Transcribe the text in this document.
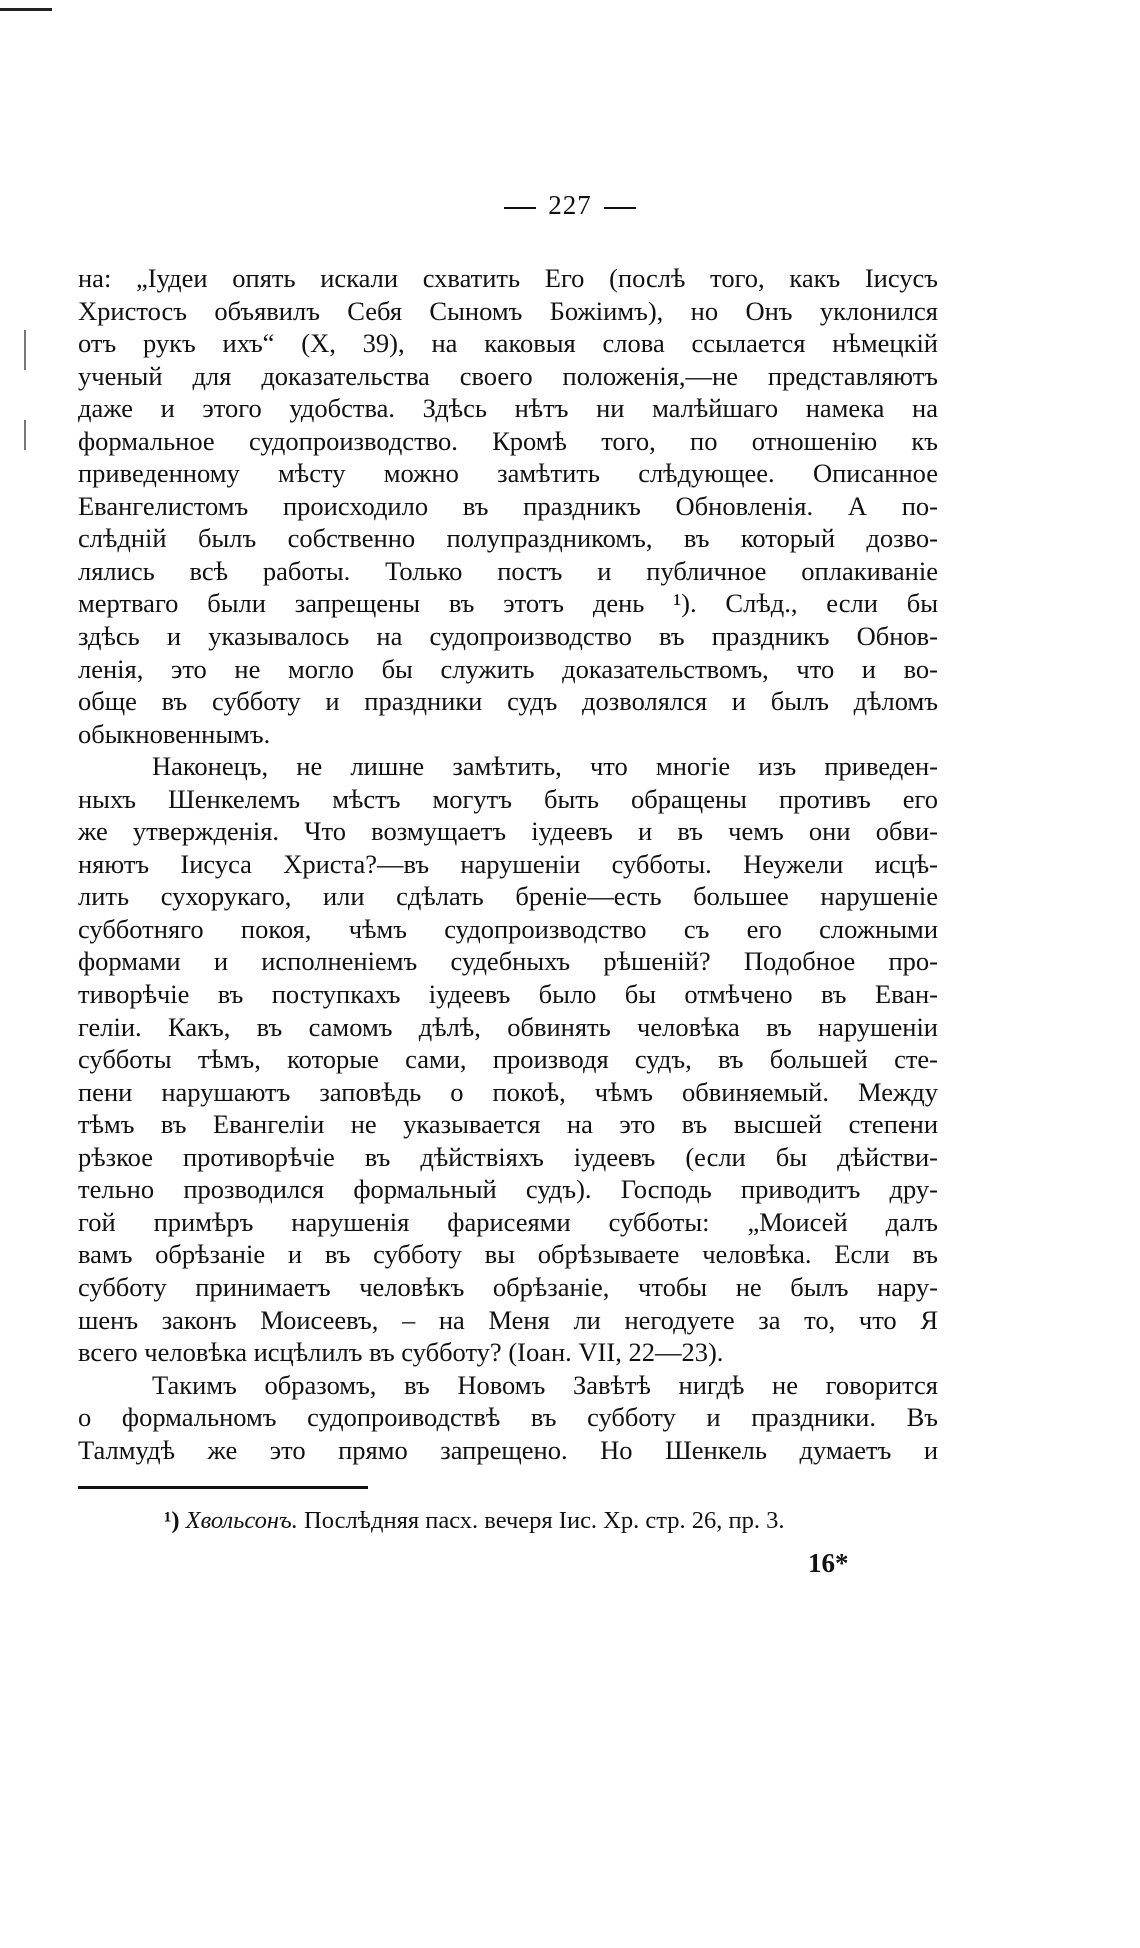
227
на: „Іудеи опять искали схватить Его (послѣ того, какъ Іисусъ
Христосъ объявилъ Себя Сыномъ Божіимъ), но Онъ уклонился
отъ рукъ ихъ“ (X, 39), на каковыя слова ссылается нѣмецкій
ученый для доказательства своего положенія,—не представляютъ
даже и этого удобства. Здѣсь нѣтъ ни малѣйшаго намека на
формальное судопроизводство. Кромѣ того, по отношенію къ
приведенному мѣсту можно замѣтить слѣдующее. Описанное
Евангелистомъ происходило въ праздникъ Обновленія. А по-
слѣдній былъ собственно полупраздникомъ, въ который дозво-
лялись всѣ работы. Только постъ и публичное оплакиваніе
мертваго были запрещены въ этотъ день ¹). Слѣд., если бы
здѣсь и указывалось на судопроизводство въ праздникъ Обнов-
ленія, это не могло бы служить доказательствомъ, что и во-
обще въ субботу и праздники судъ дозволялся и былъ дѣломъ
обыкновеннымъ.
Наконецъ, не лишне замѣтить, что многіе изъ приведен-
ныхъ Шенкелемъ мѣстъ могутъ быть обращены противъ его
же утвержденія. Что возмущаетъ іудеевъ и въ чемъ они обви-
няютъ Іисуса Христа?—въ нарушеніи субботы. Неужели исцѣ-
лить сухорукаго, или сдѣлать бреніе—есть большее нарушеніе
субботняго покоя, чѣмъ судопроизводство съ его сложными
формами и исполненіемъ судебныхъ рѣшеній? Подобное про-
тиворѣчіе въ поступкахъ іудеевъ было бы отмѣчено въ Еван-
геліи. Какъ, въ самомъ дѣлѣ, обвинять человѣка въ нарушеніи
субботы тѣмъ, которые сами, производя судъ, въ большей сте-
пени нарушаютъ заповѣдь о покоѣ, чѣмъ обвиняемый. Между
тѣмъ въ Евангеліи не указывается на это въ высшей степени
рѣзкое противорѣчіе въ дѣйствіяхъ іудеевъ (если бы дѣйстви-
тельно прозводился формальный судъ). Господь приводитъ дру-
гой примѣръ нарушенія фарисеями субботы: „Моисей далъ
вамъ обрѣзаніе и въ субботу вы обрѣзываете человѣка. Если въ
субботу принимаетъ человѣкъ обрѣзаніе, чтобы не былъ нару-
шенъ законъ Моисеевъ, – на Меня ли негодуете за то, что Я
всего человѣка исцѣлилъ въ субботу? (Іоан. VII, 22—23).
Такимъ образомъ, въ Новомъ Завѣтѣ нигдѣ не говорится
о формальномъ судопроиводствѣ въ субботу и праздники. Въ
Талмудѣ же это прямо запрещено. Но Шенкель думаетъ и
¹) Хвольсонъ. Послѣдняя пасх. вечеря Іис. Хр. стр. 26, пр. 3.
16*
